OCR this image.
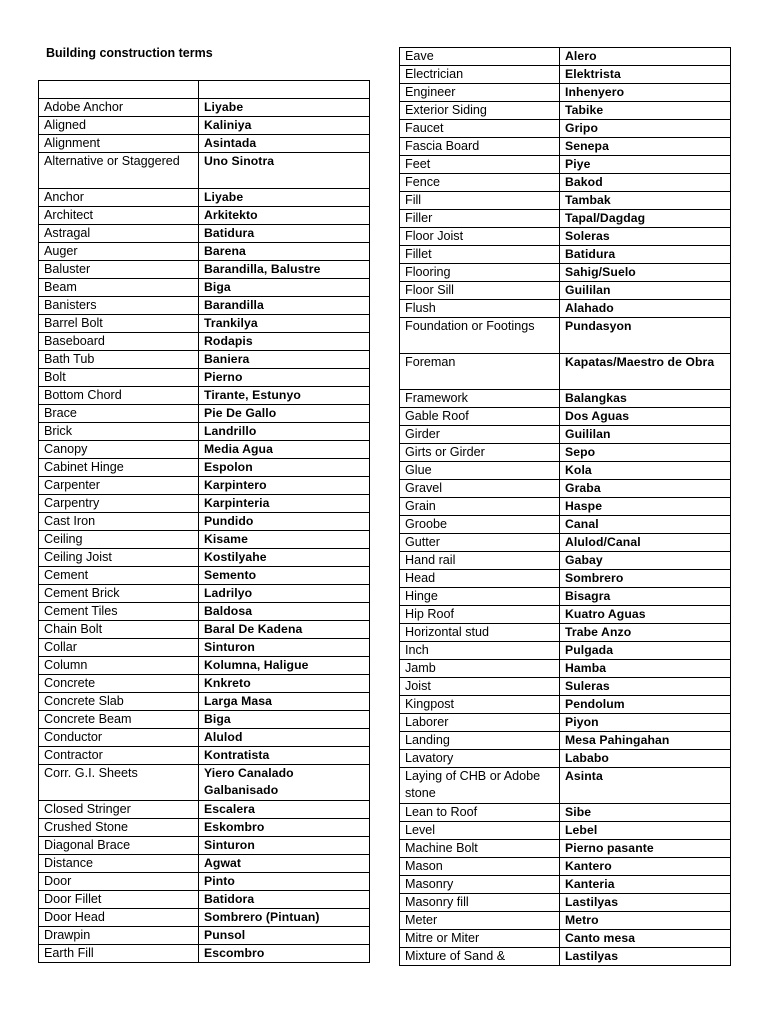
Building construction terms

Adobe Anchor	Liyabe
Aligned	Kaliniya
Alignment	Asintada
Alternative or Staggered	Uno Sinotra
Anchor	Liyabe
Architect	Arkitekto
Astragal	Batidura
Auger	Barena
Baluster	Barandilla, Balustre
Beam	Biga
Banisters	Barandilla
Barrel Bolt	Trankilya
Baseboard	Rodapis
Bath Tub	Baniera
Bolt	Pierno
Bottom Chord	Tirante, Estunyo
Brace	Pie De Gallo
Brick	Landrillo
Canopy	Media Agua
Cabinet Hinge	Espolon
Carpenter	Karpintero
Carpentry	Karpinteria
Cast Iron	Pundido
Ceiling	Kisame
Ceiling Joist	Kostilyahe
Cement	Semento
Cement Brick	Ladrilyo
Cement Tiles	Baldosa
Chain Bolt	Baral De Kadena
Collar	Sinturon
Column	Kolumna, Haligue
Concrete	Knkreto
Concrete Slab	Larga Masa
Concrete Beam	Biga
Conductor	Alulod
Contractor	Kontratista
Corr. G.I. Sheets	Yiero Canalado Galbanisado
Closed Stringer	Escalera
Crushed Stone	Eskombro
Diagonal Brace	Sinturon
Distance	Agwat
Door	Pinto
Door Fillet	Batidora
Door Head	Sombrero (Pintuan)
Drawpin	Punsol
Earth Fill	Escombro
Eave	Alero
Electrician	Elektrista
Engineer	Inhenyero
Exterior Siding	Tabike
Faucet	Gripo
Fascia Board	Senepa
Feet	Piye
Fence	Bakod
Fill	Tambak
Filler	Tapal/Dagdag
Floor Joist	Soleras
Fillet	Batidura
Flooring	Sahig/Suelo
Floor Sill	Guililan
Flush	Alahado
Foundation or Footings	Pundasyon
Foreman	Kapatas/Maestro de Obra
Framework	Balangkas
Gable Roof	Dos Aguas
Girder	Guililan
Girts or Girder	Sepo
Glue	Kola
Gravel	Graba
Grain	Haspe
Groobe	Canal
Gutter	Alulod/Canal
Hand rail	Gabay
Head	Sombrero
Hinge	Bisagra
Hip Roof	Kuatro Aguas
Horizontal stud	Trabe Anzo
Inch	Pulgada
Jamb	Hamba
Joist	Suleras
Kingpost	Pendolum
Laborer	Piyon
Landing	Mesa Pahingahan
Lavatory	Lababo
Laying of CHB or Adobe stone	Asinta
Lean to Roof	Sibe
Level	Lebel
Machine Bolt	Pierno pasante
Mason	Kantero
Masonry	Kanteria
Masonry fill	Lastilyas
Meter	Metro
Mitre or Miter	Canto mesa
Mixture of Sand &	Lastilyas
